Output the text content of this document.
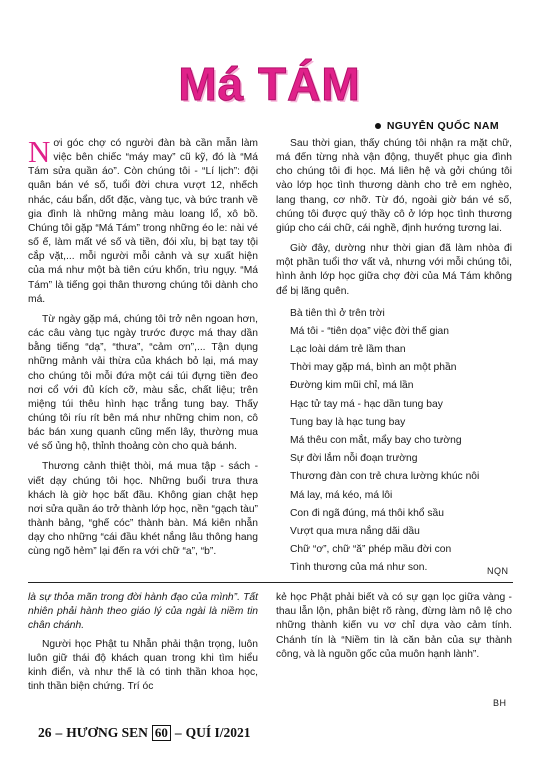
Má TÁM
NGUYỄN QUỐC NAM

Nơi góc chợ có người đàn bà cần mẫn làm việc bên chiếc “máy may” cũ kỹ, đó là “Má Tám sửa quần áo”. Còn chúng tôi - “Lí lịch”: đội quân bán vé số, tuổi đời chưa vượt 12, nhếch nhác, cáu bẩn, dốt đặc, vàng tục, và bức tranh về gia đình là những mảng màu loang lổ, xô bồ. Chúng tôi gặp “Má Tám” trong những éo le: nài vé số ế, làm mất vé số và tiền, đói xỉu, bị bạt tay tội cắp vặt,... mỗi người mỗi cảnh và sự xuất hiện của má như một bà tiên cứu khốn, trìu ngụy. “Má Tám” là tiếng gọi thân thương chúng tôi dành cho má.

Từ ngày gặp má, chúng tôi trở nên ngoan hơn, các câu vàng tục ngày trước được má thay dần bằng tiếng “dạ”, “thưa”, “cảm ơn”,... Tận dụng những mảnh vải thừa của khách bỏ lại, má may cho chúng tôi mỗi đứa một cái túi đựng tiền đeo nơi cổ với đủ kích cỡ, màu sắc, chất liệu; trên miệng túi thêu hình hạc trắng tung bay. Thấy chúng tôi ríu rít bên má như những chim non, cô bác bán xung quanh cũng mến lây, thường mua vé số ủng hộ, thỉnh thoảng còn cho quà bánh.

Thương cảnh thiệt thòi, má mua tập - sách - viết dạy chúng tôi học. Những buổi trưa thưa khách là giờ học bất đầu. Không gian chật hẹp nơi sửa quần áo trở thành lớp học, nền “gạch tàu” thành bảng, “ghế cóc” thành bàn. Má kiên nhẫn dạy cho những “cái đầu khét nắng lâu thông hang cùng ngõ hẻm” lại đến ra với chữ “a”, “b”.

Sau thời gian, thấy chúng tôi nhận ra mặt chữ, má đến từng nhà vận động, thuyết phục gia đình cho chúng tôi đi học. Má liên hệ và gởi chúng tôi vào lớp học tình thương dành cho trẻ em nghèo, lang thang, cơ nhỡ. Từ đó, ngoài giờ bán vé số, chúng tôi được quý thầy cô ở lớp học tình thương giúp cho cái chữ, cái nghề, định hướng tương lai.

Giờ đây, dường như thời gian đã làm nhòa đi một phần tuổi thơ vất vả, nhưng với mỗi chúng tôi, hình ảnh lớp học giữa chợ đời của Má Tám không để bị lãng quên.

Bà tiên thì ở trên trời
Má tôi - “tiên dọa” việc đời thế gian
Lạc loài dám trẻ lầm than
Thời may gặp má, bình an một phần
Đường kim mũi chỉ, má lần
Hạc tử tay má - hạc dần tung bay
Tung bay là hạc tung bay
Má thêu con mắt, mẩy bay cho tường
Sự đời lắm nỗi đoạn trường
Thương đàn con trẻ chưa lường khúc nôi
Má lay, má kéo, má lôi
Con đi ngã đúng, má thôi khổ sầu
Vượt qua mưa nắng dãi dầu
Chữ “ơ”, chữ “ă” phép mầu đời con
Tình thương của má như son.	NQN

là sự thỏa mãn trong đời hành đạo của mình”. Tất nhiên phải hành theo giáo lý của ngài là niềm tin chân chánh.

Người học Phật tu Nhẫn phải thận trọng, luôn luôn giữ thái độ khách quan trong khi tìm hiểu kinh điển, và như thế là có tinh thần khoa học, tinh thần biện chứng. Trí óc

kẻ học Phật phải biết và có sự gạn lọc giữa vàng - thau lẫn lộn, phân biệt rõ ràng, đừng làm nô lệ cho những thành kiến vu vơ chỉ dựa vào cảm tính. Chánh tín là “Niềm tin là căn bản của sự thành công, và là nguồn gốc của muôn hạnh lành”.

BH
26 – HƯƠNG SEN 60 – QUÍ I/2021
